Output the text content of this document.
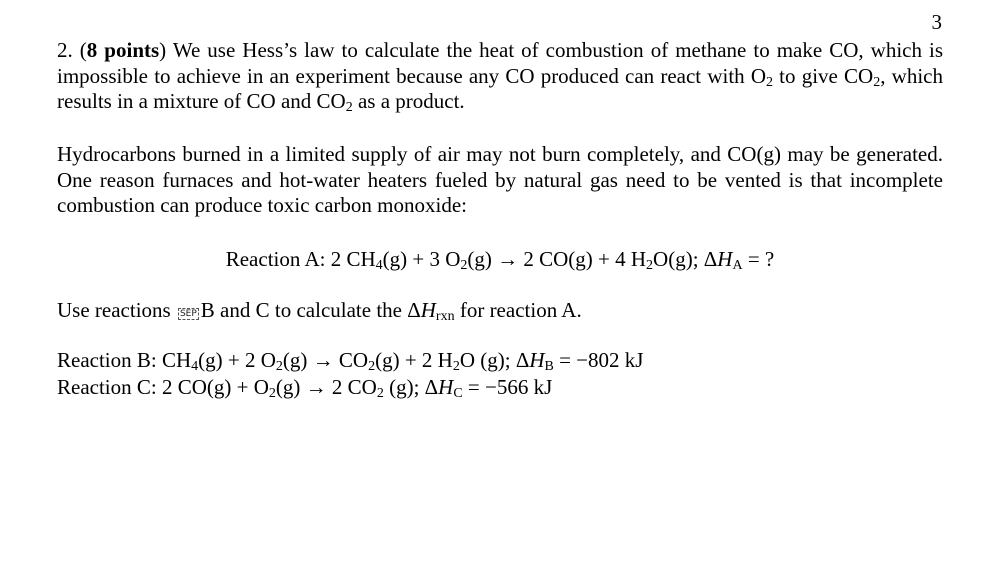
3

2. (8 points) We use Hess’s law to calculate the heat of combustion of methane to make CO, which is impossible to achieve in an experiment because any CO produced can react with $O_2$ to give $CO_2$, which results in a mixture of CO and $CO_2$ as a product.

Hydrocarbons burned in a limited supply of air may not burn completely, and CO(g) may be generated. One reason furnaces and hot-water heaters fueled by natural gas need to be vented is that incomplete combustion can produce toxic carbon monoxide:

Reaction A: 2 $CH_4(g) + 3$ $O_2(g) \to 2$ CO(g) + 4 $H_2O(g)$; $\Delta H_A$ = ?
Use reactions SEP B and C to calculate the $\Delta H_{rxn}$ for reaction A.
Reaction B: $CH_4(g) + 2$ $O_2(g) \to CO_2(g) + 2$ $H_2O$ (g); $\Delta H_B = -802$ kJ
Reaction C: 2 $CO(g) + O_2(g) \to 2$ $CO_2$ (g); $\Delta H_C = -566$ kJ
